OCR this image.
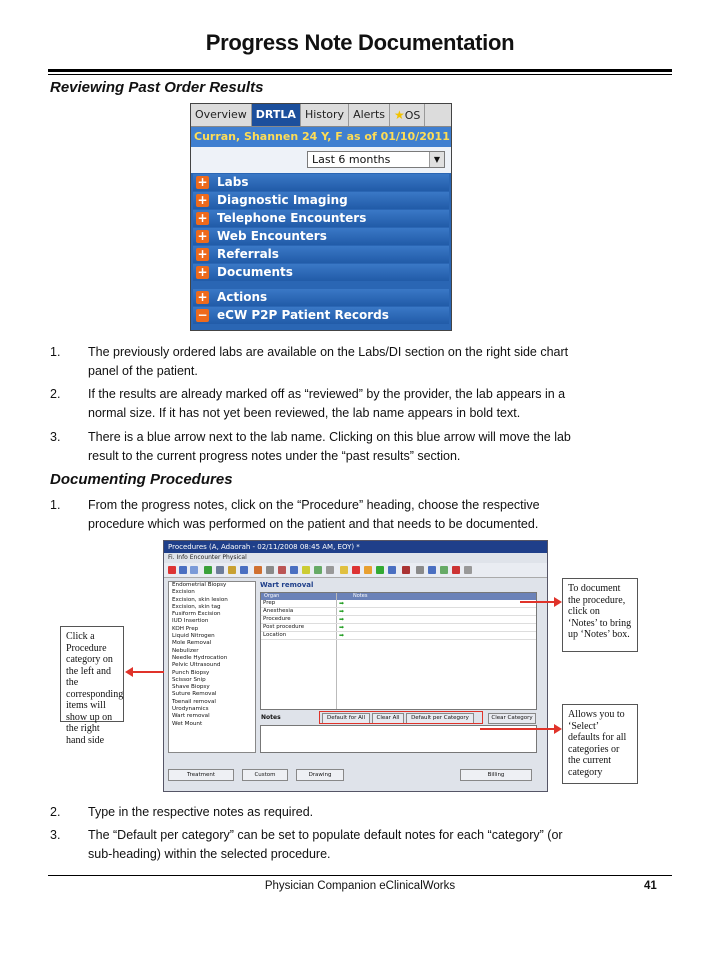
Progress Note Documentation
Reviewing Past Order Results
Overview DRTLA History Alerts ★OS
Curran, Shannen 24 Y, F as of 01/10/2011
Last 6 months	▼
+ Labs
+ Diagnostic Imaging
+ Telephone Encounters
+ Web Encounters
+ Referrals
+ Documents
+ Actions
− eCW P2P Patient Records
1. The previously ordered labs are available on the Labs/DI section on the right side chart
panel of the patient.
2. If the results are already marked off as “reviewed” by the provider, the lab appears in a
normal size. If it has not yet been reviewed, the lab name appears in bold text.
3. There is a blue arrow next to the lab name. Clicking on this blue arrow will move the lab
result to the current progress notes under the “past results” section.
Documenting Procedures
1. From the progress notes, click on the “Procedure” heading, choose the respective
procedure which was performed on the patient and that needs to be documented.
Procedures (A, Adaorah - 02/11/2008 08:45 AM, EOY) *
Fi. Info Encounter Physical
Endometrial Biopsy
Excision
Excision, skin lesion
Excision, skin tag
Fusiform Excision
IUD Insertion
KOH Prep
Liquid Nitrogen
Mole Removal
Nebulizer
Needle Hydrocation
Pelvic Ultrasound
Punch Biopsy
Scissor Snip
Shave Biopsy
Suture Removal
Toenail removal
Urodynamics
Wart removal
Wet Mount
Wart removal
Organ	Notes
Prep	➡
Anesthesia	➡
Procedure	➡
Post procedure	➡
Location	➡
Notes	Default for All	Clear All	Default per Category	Clear Category
Treatment	Custom	Drawing	Billing
Click a Procedure category on the left and the corresponding items will show up on the right hand side
To document the procedure, click on ‘Notes’ to bring up ‘Notes’ box.
Allows you to ‘Select’ defaults for all categories or the current category
2. Type in the respective notes as required.
3. The “Default per category” can be set to populate default notes for each “category” (or
sub-heading) within the selected procedure.
Physician Companion eClinicalWorks	41
